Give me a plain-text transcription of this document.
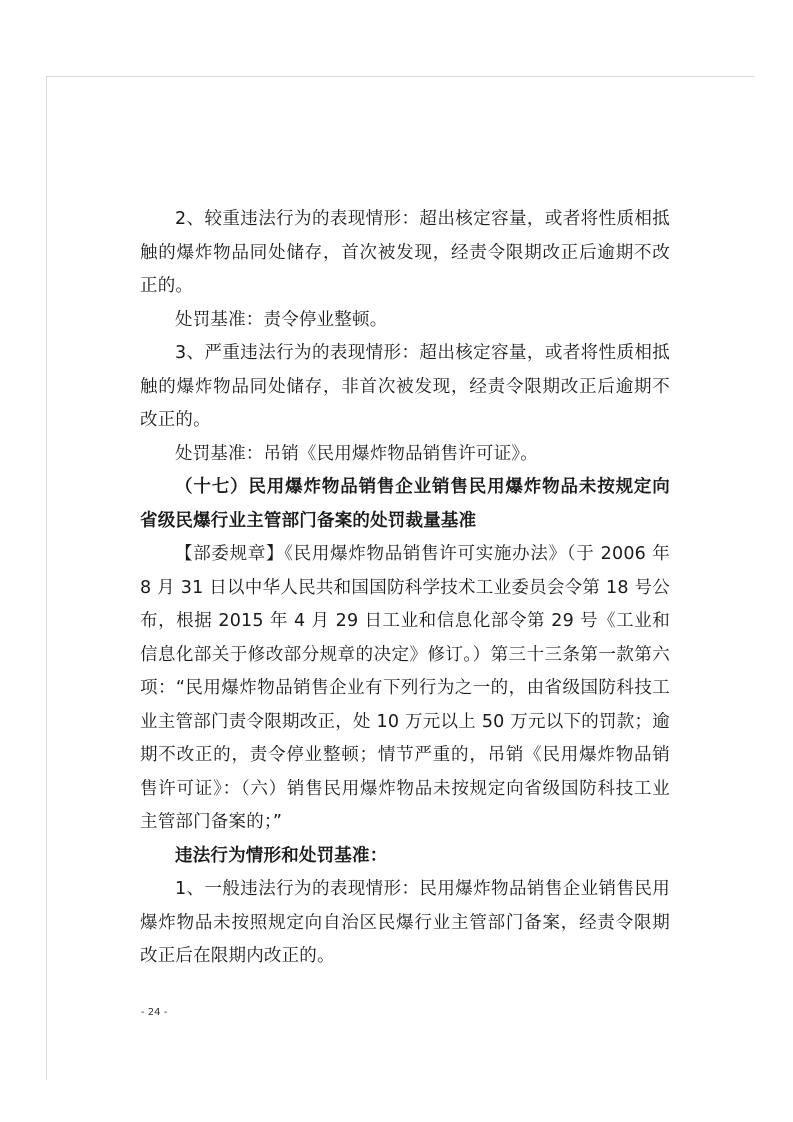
2、较重违法行为的表现情形：超出核定容量，或者将性质相抵触的爆炸物品同处储存，首次被发现，经责令限期改正后逾期不改正的。

处罚基准：责令停业整顿。

3、严重违法行为的表现情形：超出核定容量，或者将性质相抵触的爆炸物品同处储存，非首次被发现，经责令限期改正后逾期不改正的。

处罚基准：吊销《民用爆炸物品销售许可证》。

（十七）民用爆炸物品销售企业销售民用爆炸物品未按规定向省级民爆行业主管部门备案的处罚裁量基准

【部委规章】《民用爆炸物品销售许可实施办法》（于 2006 年 8 月 31 日以中华人民共和国国防科学技术工业委员会令第 18 号公布，根据 2015 年 4 月 29 日工业和信息化部令第 29 号《工业和信息化部关于修改部分规章的决定》修订。）第三十三条第一款第六项：“民用爆炸物品销售企业有下列行为之一的，由省级国防科技工业主管部门责令限期改正，处 10 万元以上 50 万元以下的罚款；逾期不改正的，责令停业整顿；情节严重的，吊销《民用爆炸物品销售许可证》：（六）销售民用爆炸物品未按规定向省级国防科技工业主管部门备案的；”

违法行为情形和处罚基准：

1、一般违法行为的表现情形：民用爆炸物品销售企业销售民用爆炸物品未按照规定向自治区民爆行业主管部门备案，经责令限期改正后在限期内改正的。

- 24 -
